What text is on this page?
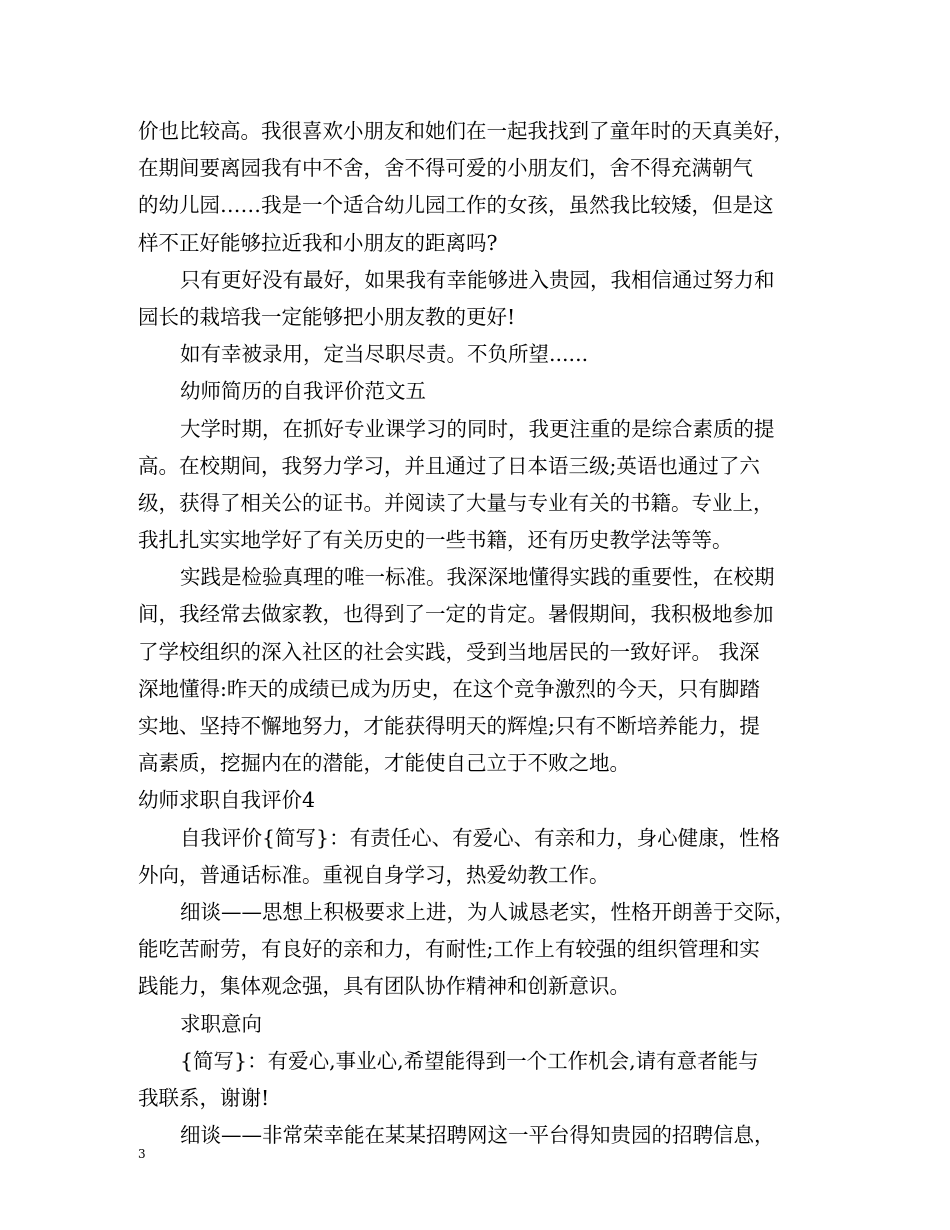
价也比较高。我很喜欢小朋友和她们在一起我找到了童年时的天真美好，
在期间要离园我有中不舍，舍不得可爱的小朋友们，舍不得充满朝气
的幼儿园……我是一个适合幼儿园工作的女孩，虽然我比较矮，但是这
样不正好能够拉近我和小朋友的距离吗?
只有更好没有最好，如果我有幸能够进入贵园，我相信通过努力和
园长的栽培我一定能够把小朋友教的更好!
如有幸被录用，定当尽职尽责。不负所望......
幼师简历的自我评价范文五
大学时期，在抓好专业课学习的同时，我更注重的是综合素质的提
高。在校期间，我努力学习，并且通过了日本语三级;英语也通过了六
级，获得了相关公的证书。并阅读了大量与专业有关的书籍。专业上，
我扎扎实实地学好了有关历史的一些书籍，还有历史教学法等等。
实践是检验真理的唯一标准。我深深地懂得实践的重要性，在校期
间，我经常去做家教，也得到了一定的肯定。暑假期间，我积极地参加
了学校组织的深入社区的社会实践，受到当地居民的一致好评。 我深
深地懂得:昨天的成绩已成为历史，在这个竞争激烈的今天，只有脚踏
实地、坚持不懈地努力，才能获得明天的辉煌;只有不断培养能力，提
高素质，挖掘内在的潜能，才能使自己立于不败之地。
幼师求职自我评价4
自我评价{简写}：有责任心、有爱心、有亲和力，身心健康，性格
外向，普通话标准。重视自身学习，热爱幼教工作。
细谈——思想上积极要求上进，为人诚恳老实，性格开朗善于交际，
能吃苦耐劳，有良好的亲和力，有耐性;工作上有较强的组织管理和实
践能力，集体观念强，具有团队协作精神和创新意识。
求职意向
{简写}：有爱心,事业心,希望能得到一个工作机会,请有意者能与
我联系，谢谢!
细谈——非常荣幸能在某某招聘网这一平台得知贵园的招聘信息，
3
